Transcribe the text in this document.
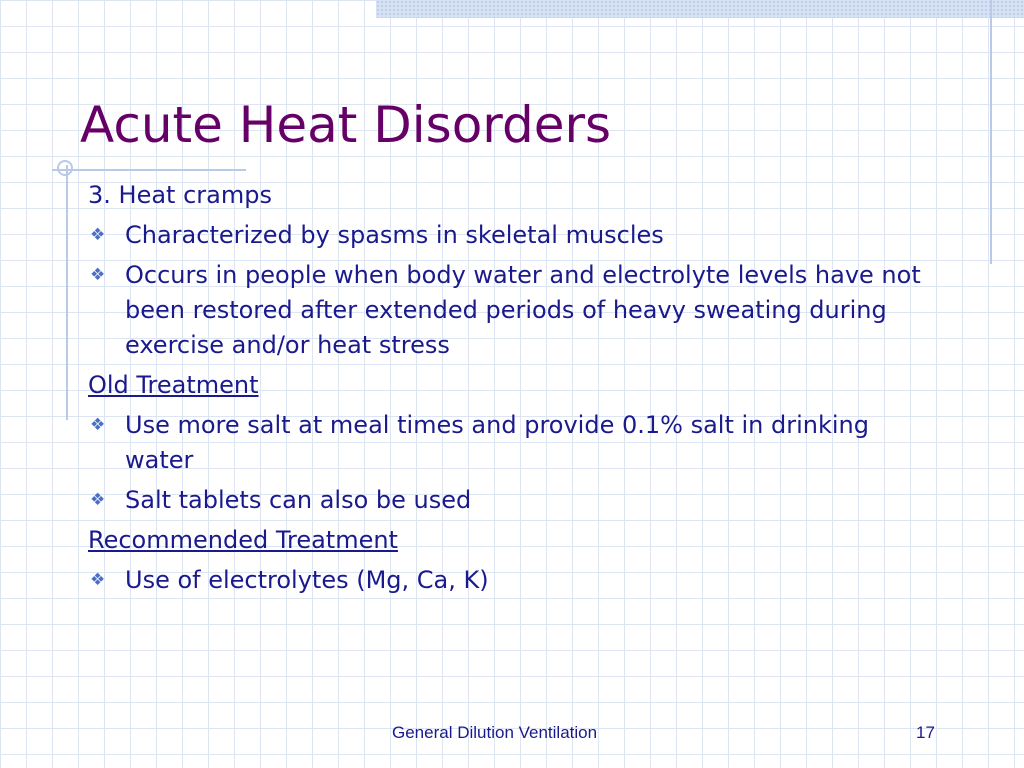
Acute Heat Disorders
3. Heat cramps
❖ Characterized by spasms in skeletal muscles
❖ Occurs in people when body water and electrolyte levels have not been restored after extended periods of heavy sweating during exercise and/or heat stress
Old Treatment
❖ Use more salt at meal times and provide 0.1% salt in drinking water
❖ Salt tablets can also be used
Recommended Treatment
❖ Use of electrolytes (Mg, Ca, K)
General Dilution Ventilation	17
